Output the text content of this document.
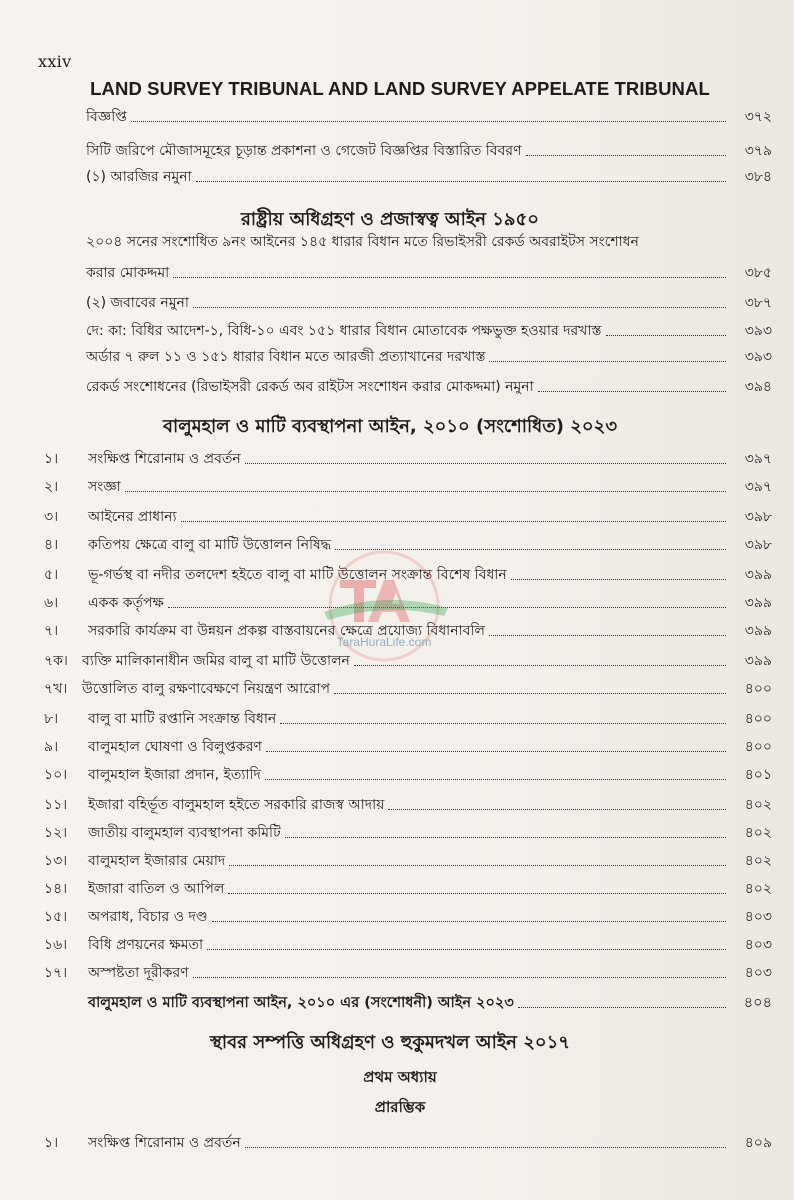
xxiv
LAND SURVEY TRIBUNAL AND LAND SURVEY APPELATE TRIBUNAL
বিজ্ঞপ্তি	৩৭২
সিটি জরিপে মৌজাসমূহের চূড়ান্ত প্রকাশনা ও গেজেট বিজ্ঞপ্তির বিস্তারিত বিবরণ	৩৭৯
(১) আরজির নমুনা	৩৮৪
রাষ্ট্রীয় অধিগ্রহণ ও প্রজাস্বত্ব আইন ১৯৫০
২০০৪ সনের সংশোধিত ৯নং আইনের ১৪৫ ধারার বিধান মতে রিভাইসরী রেকর্ড অবরাইটস সংশোধন
করার মোকদ্দমা	৩৮৫
(২) জবাবের নমুনা	৩৮৭
দে: কা: বিধির আদেশ-১, বিধি-১০ এবং ১৫১ ধারার বিধান মোতাবেক পক্ষভুক্ত হওয়ার দরখাস্ত	৩৯৩
অর্ডার ৭ রুল ১১ ও ১৫১ ধারার বিধান মতে আরজী প্রত্যাখানের দরখাস্ত	৩৯৩
রেকর্ড সংশোধনের (রিভাইসরী রেকর্ড অব রাইটস সংশোধন করার মোকদ্দমা) নমুনা	৩৯৪
বালুমহাল ও মাটি ব্যবস্থাপনা আইন, ২০১০ (সংশোধিত) ২০২৩
১।	সংক্ষিপ্ত শিরোনাম ও প্রবর্তন	৩৯৭
২।	সংজ্ঞা	৩৯৭
৩।	আইনের প্রাধান্য	৩৯৮
৪।	কতিপয় ক্ষেত্রে বালু বা মাটি উত্তোলন নিষিদ্ধ	৩৯৮
৫।	ভূ-গর্ভস্থ বা নদীর তলদেশ হইতে বালু বা মাটি উত্তোলন সংক্রান্ত বিশেষ বিধান	৩৯৯
৬।	একক কর্তৃপক্ষ	৩৯৯
৭।	সরকারি কার্যক্রম বা উন্নয়ন প্রকল্প বাস্তবায়নের ক্ষেত্রে প্রযোজ্য বিধানাবলি	৩৯৯
৭ক।	ব্যক্তি মালিকানাধীন জমির বালু বা মাটি উত্তোলন	৩৯৯
৭খ।	উত্তোলিত বালু রক্ষণাবেক্ষণে নিয়ন্ত্রণ আরোপ	৪০০
৮।	বালু বা মাটি রপ্তানি সংক্রান্ত বিধান	৪০০
৯।	বালুমহাল ঘোষণা ও বিলুপ্তকরণ	৪০০
১০।	বালুমহাল ইজারা প্রদান, ইত্যাদি	৪০১
১১।	ইজারা বহির্ভূত বালুমহাল হইতে সরকারি রাজস্ব আদায়	৪০২
১২।	জাতীয় বালুমহাল ব্যবস্থাপনা কমিটি	৪০২
১৩।	বালুমহাল ইজারার মেয়াদ	৪০২
১৪।	ইজারা বাতিল ও আপিল	৪০২
১৫।	অপরাধ, বিচার ও দণ্ড	৪০৩
১৬।	বিধি প্রণয়নের ক্ষমতা	৪০৩
১৭।	অস্পষ্টতা দূরীকরণ	৪০৩
বালুমহাল ও মাটি ব্যবস্থাপনা আইন, ২০১০ এর (সংশোধনী) আইন ২০২৩	৪০৪
স্থাবর সম্পত্তি অধিগ্রহণ ও হুকুমদখল আইন ২০১৭
প্রথম অধ্যায়
প্রারম্ভিক
১।	সংক্ষিপ্ত শিরোনাম ও প্রবর্তন	৪০৯
TaraHuraLife.com
